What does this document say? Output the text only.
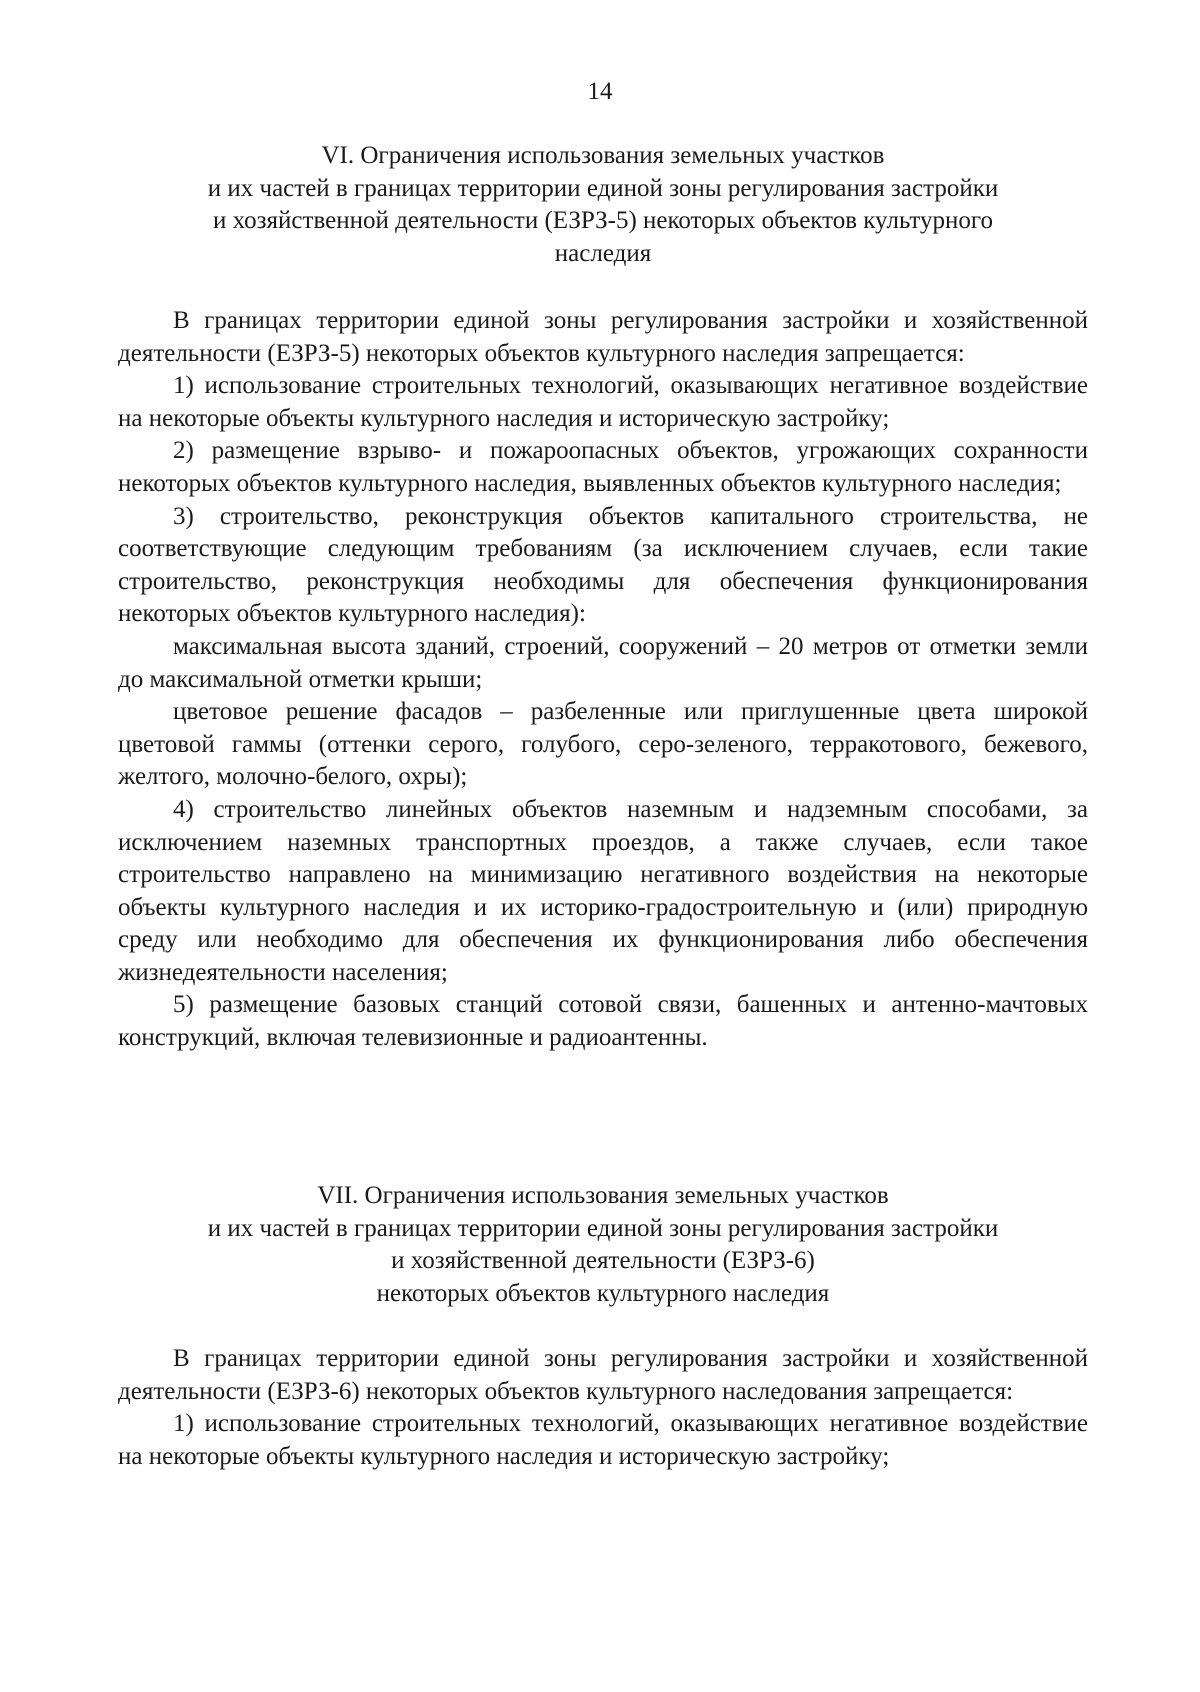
14
VI. Ограничения использования земельных участков
и их частей в границах территории единой зоны регулирования застройки
и хозяйственной деятельности (ЕЗРЗ-5) некоторых объектов культурного
наследия

В границах территории единой зоны регулирования застройки и хозяйственной деятельности (ЕЗРЗ-5) некоторых объектов культурного наследия запрещается:

1) использование строительных технологий, оказывающих негативное воздействие на некоторые объекты культурного наследия и историческую застройку;

2) размещение взрыво- и пожароопасных объектов, угрожающих сохранности некоторых объектов культурного наследия, выявленных объектов культурного наследия;

3) строительство, реконструкция объектов капитального строительства, не соответствующие следующим требованиям (за исключением случаев, если такие строительство, реконструкция необходимы для обеспечения функционирования некоторых объектов культурного наследия):

максимальная высота зданий, строений, сооружений – 20 метров от отметки земли до максимальной отметки крыши;

цветовое решение фасадов – разбеленные или приглушенные цвета широкой цветовой гаммы (оттенки серого, голубого, серо-зеленого, терракотового, бежевого, желтого, молочно-белого, охры);

4) строительство линейных объектов наземным и надземным способами, за исключением наземных транспортных проездов, а также случаев, если такое строительство направлено на минимизацию негативного воздействия на некоторые объекты культурного наследия и их историко-градостроительную и (или) природную среду или необходимо для обеспечения их функционирования либо обеспечения жизнедеятельности населения;

5) размещение базовых станций сотовой связи, башенных и антенно-мачтовых конструкций, включая телевизионные и радиоантенны.

VII. Ограничения использования земельных участков
и их частей в границах территории единой зоны регулирования застройки
и хозяйственной деятельности (ЕЗРЗ-6)
некоторых объектов культурного наследия

В границах территории единой зоны регулирования застройки и хозяйственной деятельности (ЕЗРЗ-6) некоторых объектов культурного наследования запрещается:

1) использование строительных технологий, оказывающих негативное воздействие на некоторые объекты культурного наследия и историческую застройку;
